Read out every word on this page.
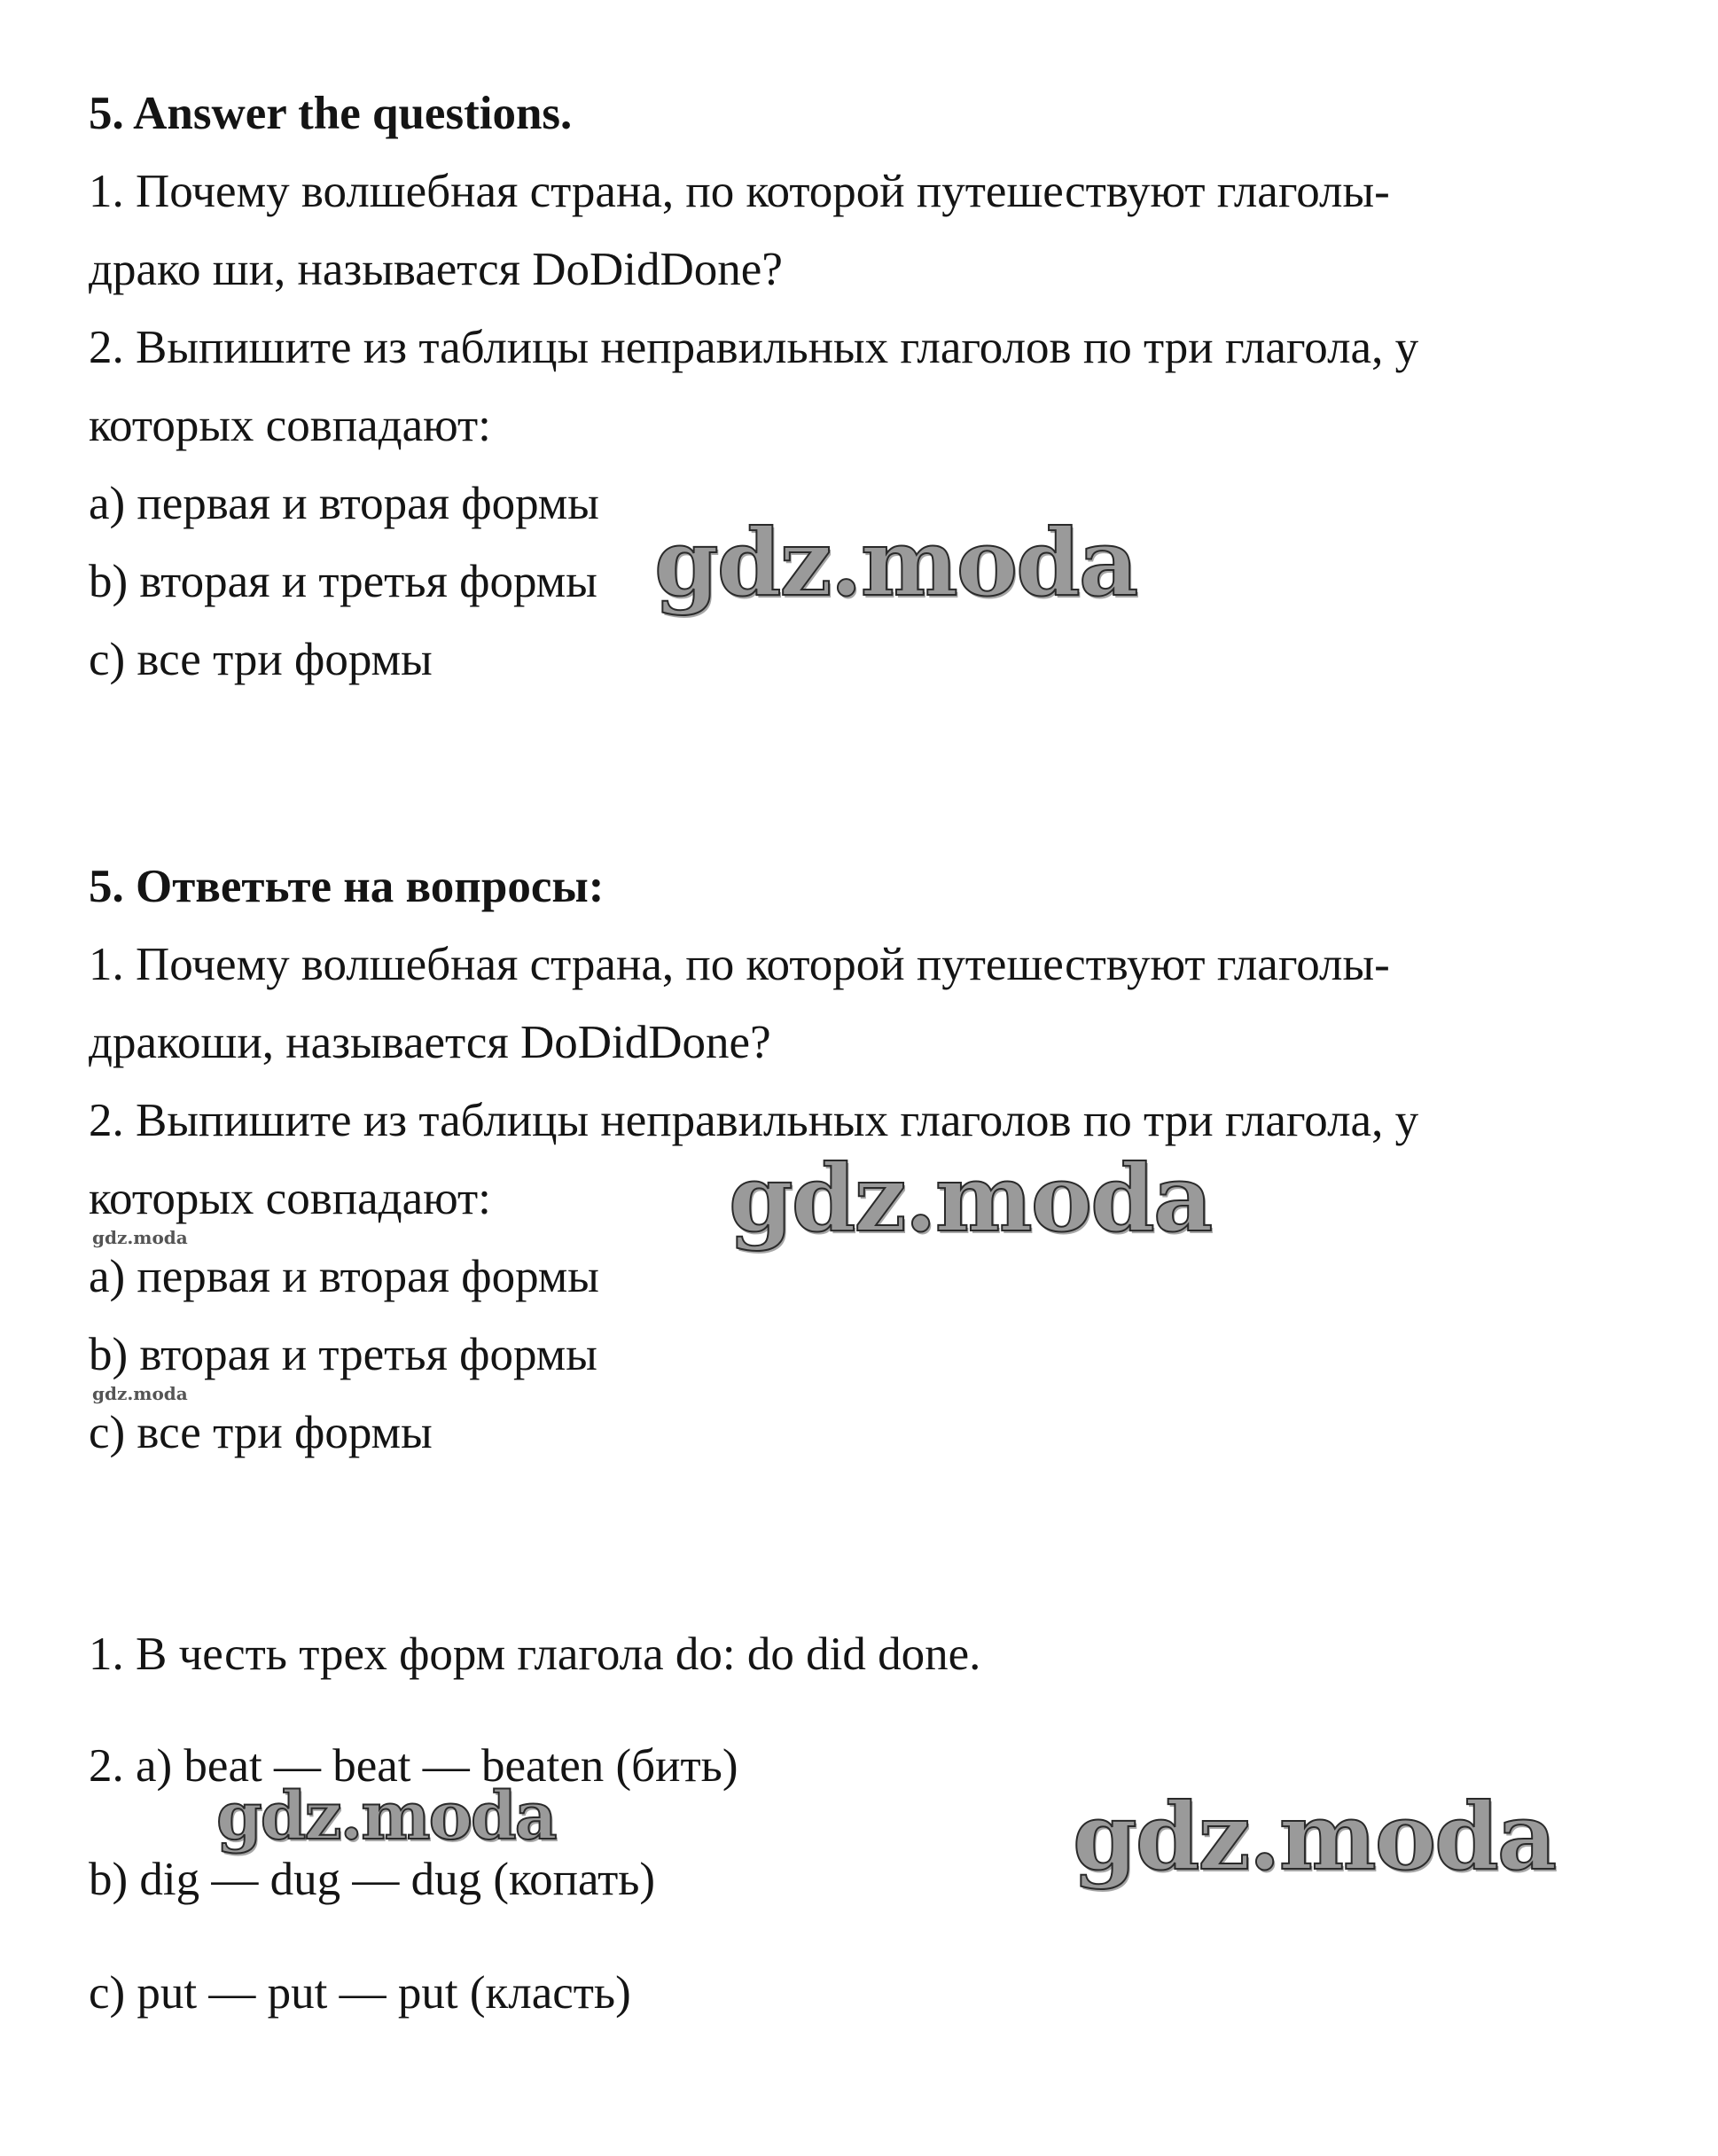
5. Answer the questions.
1. Почему волшебная страна, по которой путешествуют глаголы-
драко ши, называется DoDidDone?
2. Выпишите из таблицы неправильных глаголов по три глагола, у
которых совпадают:
a) первая и вторая формы
b) вторая и третья формы
c) все три формы
5. Ответьте на вопросы:
1. Почему волшебная страна, по которой путешествуют глаголы-
дракоши, называется DoDidDone?
2. Выпишите из таблицы неправильных глаголов по три глагола, у
которых совпадают:
a) первая и вторая формы
b) вторая и третья формы
c) все три формы
1. В честь трех форм глагола do: do did done.
2. a) beat — beat — beaten (бить)
b) dig — dug — dug (копать)
c) put — put — put (класть)
gdz.moda
gdz.moda
gdz.moda
gdz.moda
gdz.moda	gdz.moda
